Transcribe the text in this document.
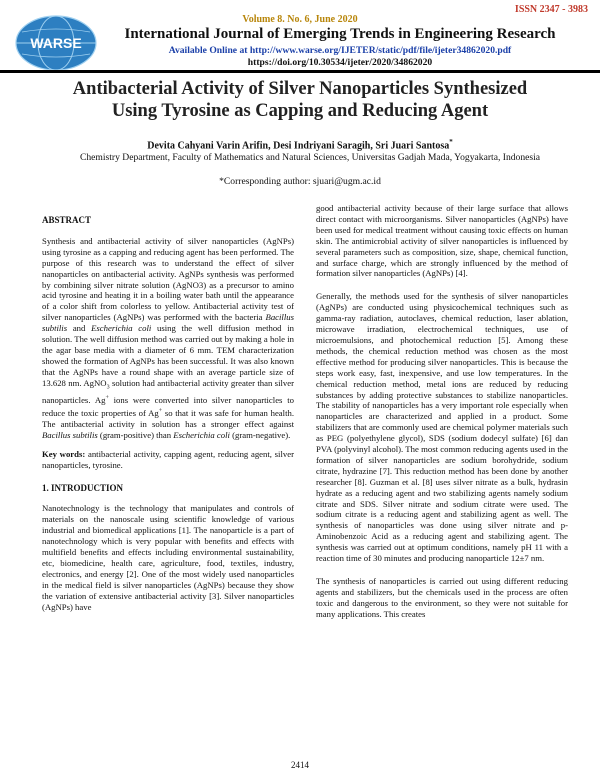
ISSN 2347 - 3983
Volume 8. No. 6, June 2020
WARSE
International Journal of Emerging Trends in Engineering Research
Available Online at http://www.warse.org/IJETER/static/pdf/file/ijeter34862020.pdf
https://doi.org/10.30534/ijeter/2020/34862020
Antibacterial Activity of Silver Nanoparticles Synthesized
Using Tyrosine as Capping and Reducing Agent
Devita Cahyani Varin Arifin, Desi Indriyani Saragih, Sri Juari Santosa*
Chemistry Department, Faculty of Mathematics and Natural Sciences, Universitas Gadjah Mada, Yogyakarta, Indonesia
*Corresponding author: sjuari@ugm.ac.id
ABSTRACT

Synthesis and antibacterial activity of silver nanoparticles (AgNPs) using tyrosine as a capping and reducing agent has been performed. The purpose of this research was to understand the effect of silver nanoparticles on antibacterial activity. AgNPs synthesis was performed by combining silver nitrate solution (AgNO3) as a precursor to amino acid tyrosine and heating it in a boiling water bath until the appearance of a color shift from colorless to yellow. Antibacterial activity test of silver nanoparticles (AgNPs) was performed with the bacteria Bacillus subtilis and Escherichia coli using the well diffusion method in solution. The well diffusion method was carried out by making a hole in the agar base media with a diameter of 6 mm. TEM characterization showed the formation of AgNPs has been successful. It was also known that the AgNPs have a round shape with an average particle size of 13.628 nm. AgNO$_3$ solution had antibacterial activity greater than silver nanoparticles. Ag+ ions were converted into silver nanoparticles to reduce the toxic properties of Ag+ so that it was safe for human health. The antibacterial activity in solution has a stronger effect against Bacillus subtilis (gram-positive) than Escherichia coli (gram-negative).

Key words: antibacterial activity, capping agent, reducing agent, silver nanoparticles, tyrosine.

1. INTRODUCTION

Nanotechnology is the technology that manipulates and controls of materials on the nanoscale using scientific knowledge of various industrial and biomedical applications [1]. The nanoparticle is a part of nanotechnology which is very popular with benefits and effects with multifield benefits and effects including environmental sustainability, etc, biomedicine, health care, agriculture, food, textiles, industry, electronics, and energy [2]. One of the most widely used nanoparticles in the medical field is silver nanoparticles (AgNPs) because they show the variation of extensive antibacterial activity [3]. Silver nanoparticles (AgNPs) have

good antibacterial activity because of their large surface that allows direct contact with microorganisms. Silver nanoparticles (AgNPs) have been used for medical treatment without causing toxic effects on human skin. The antimicrobial activity of silver nanoparticles is influenced by several parameters such as composition, size, shape, chemical function, and surface charge, which are strongly influenced by the method of formation silver nanoparticles (AgNPs) [4].

Generally, the methods used for the synthesis of silver nanoparticles (AgNPs) are conducted using physicochemical techniques such as gamma-ray radiation, autoclaves, chemical reduction, laser ablation, microwave irradiation, electrochemical techniques, use of microemulsions, and photochemical reduction [5]. Among these methods, the chemical reduction method was chosen as the most effective method for producing silver nanoparticles. This is because the steps work easy, fast, inexpensive, and use low temperatures. In the chemical reduction method, metal ions are reduced by reducing substances by adding protective substances to stabilize nanoparticles. The stability of nanoparticles has a very important role especially when nanoparticles are characterized and applied in a product. Some stabilizers that are commonly used are chemical polymer materials such as PEG (polyethylene glycol), SDS (sodium dodecyl sulfate) [6] dan PVA (polyvinyl alcohol). The most common reducing agents used in the formation of silver nanoparticles are sodium borohydride, sodium citrate, hydrazine [7]. This reduction method has been done by another researcher [8]. Guzman et al. [8] uses silver nitrate as a bulk, hydrasin hydrate as a reducing agent and two stabilizing agents namely sodium citrate and SDS. Silver nitrate and sodium citrate were used. The sodium citrate is a reducing agent and stabilizing agent as well. The synthesis of nanoparticles was done using silver nitrate and p-Aminobenzoic Acid as a reducing agent and stabilizing agent. The synthesis was carried out at optimum conditions, namely pH 11 with a reaction time of 30 minutes and producing nanoparticle 12±7 nm.

The synthesis of nanoparticles is carried out using different reducing agents and stabilizers, but the chemicals used in the process are often toxic and dangerous to the environment, so they were not suitable for many applications. This creates

2414
